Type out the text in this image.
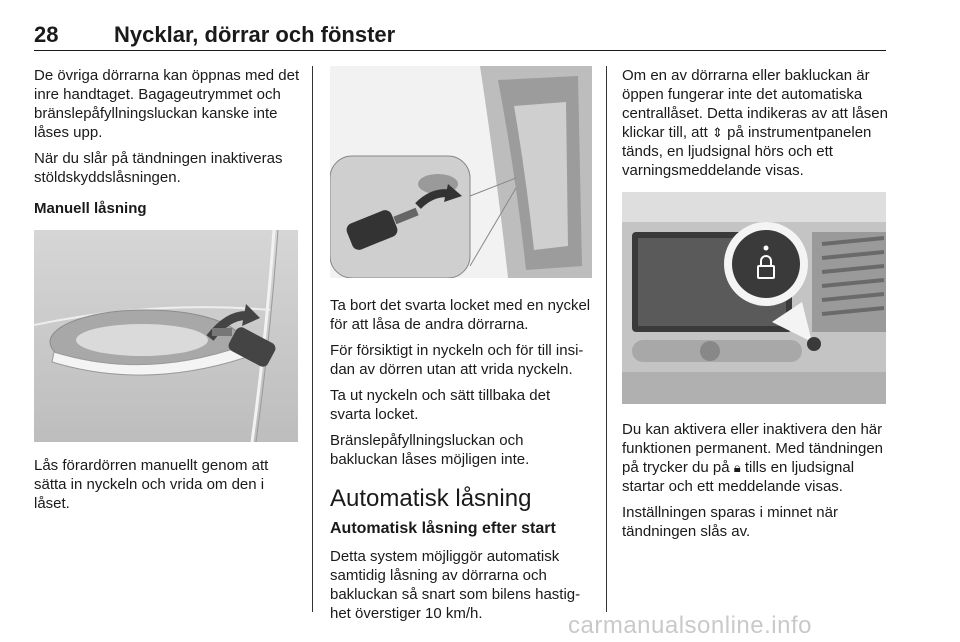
28	Nycklar, dörrar och fönster

De övriga dörrarna kan öppnas med det inre handtaget. Bagageutrymmet och bränslepåfyllningsluckan kanske inte låses upp.

När du slår på tändningen inaktiveras stöldskyddslåsningen.

Manuell låsning

Lås förardörren manuellt genom att sätta in nyckeln och vrida om den i låset.

Ta bort det svarta locket med en nyckel för att låsa de andra dörrarna.

För försiktigt in nyckeln och för till insidan av dörren utan att vrida nyckeln.

Ta ut nyckeln och sätt tillbaka det svarta locket.

Bränslepåfyllningsluckan och bakluckan låses möjligen inte.

Automatisk låsning
Automatisk låsning efter start

Detta system möjliggör automatisk samtidig låsning av dörrarna och bakluckan så snart som bilens hastighet överstiger 10 km/h.

Om en av dörrarna eller bakluckan är öppen fungerar inte det automatiska centrallåset. Detta indikeras av att låsen klickar till, att ⇕ på instrumentpanelen tänds, en ljudsignal hörs och ett varningsmeddelande visas.

Du kan aktivera eller inaktivera den här funktionen permanent. Med tändningen på trycker du på 🔒︎ tills en ljudsignal startar och ett meddelande visas.

Inställningen sparas i minnet när tändningen slås av.

carmanualsonline.info
